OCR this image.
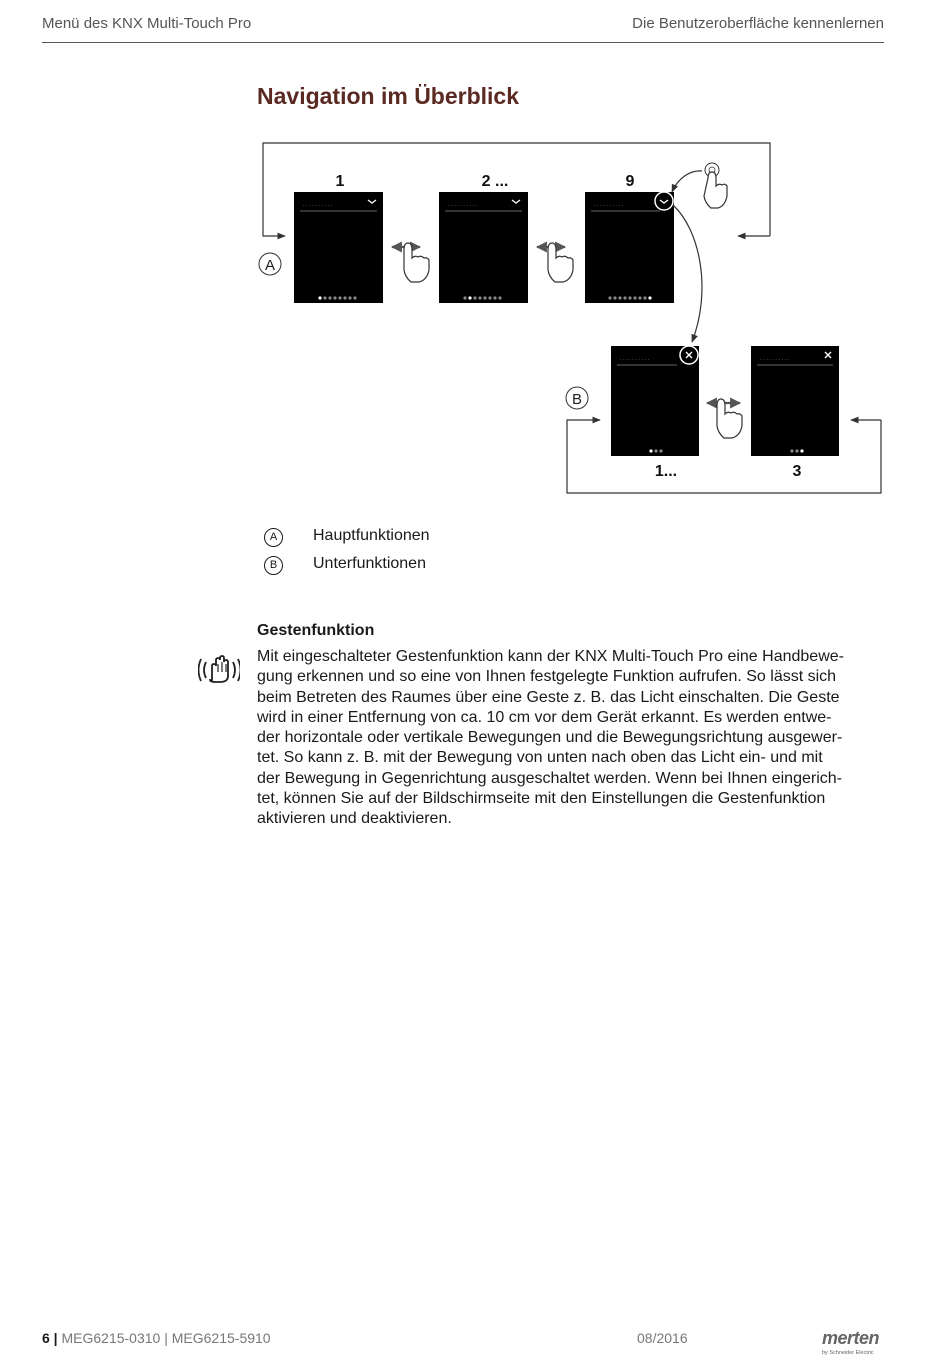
Menü des KNX Multi-Touch Pro	Die Benutzeroberfläche kennenlernen
Navigation im Überblick
A
B
1	2 ...	9
· · · · · · · · · ·	· · · · · · · · · ·	· · · · · · · · · ·
· · · · · · · · · ·	· · · · · · · · · ·
1...	3
A	Hauptfunktionen
B	Unterfunktionen
Gestenfunktion
Mit eingeschalteter Gestenfunktion kann der KNX Multi-Touch Pro eine Handbewe-
gung erkennen und so eine von Ihnen festgelegte Funktion aufrufen. So lässt sich
beim Betreten des Raumes über eine Geste z. B. das Licht einschalten. Die Geste
wird in einer Entfernung von ca. 10 cm vor dem Gerät erkannt. Es werden entwe-
der horizontale oder vertikale Bewegungen und die Bewegungsrichtung ausgewer-
tet. So kann z. B. mit der Bewegung von unten nach oben das Licht ein- und mit
der Bewegung in Gegenrichtung ausgeschaltet werden. Wenn bei Ihnen eingerich-
tet, können Sie auf der Bildschirmseite mit den Einstellungen die Gestenfunktion
aktivieren und deaktivieren.
6 | MEG6215-0310 | MEG6215-5910	08/2016	merten
by Schneider Electric
